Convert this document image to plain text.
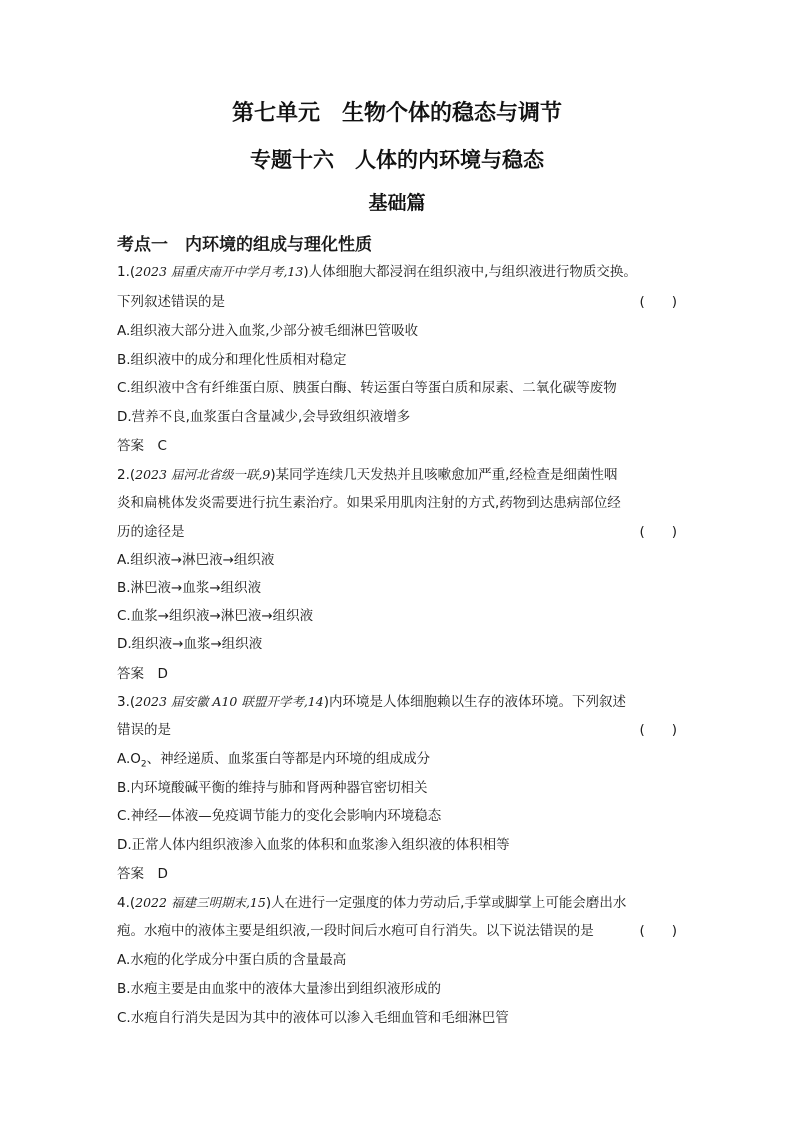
第七单元　生物个体的稳态与调节
专题十六　人体的内环境与稳态
基础篇
考点一　内环境的组成与理化性质
1.(2023 届重庆南开中学月考,13)人体细胞大都浸润在组织液中,与组织液进行物质交换。
下列叙述错误的是	(　　)
A.组织液大部分进入血浆,少部分被毛细淋巴管吸收
B.组织液中的成分和理化性质相对稳定
C.组织液中含有纤维蛋白原、胰蛋白酶、转运蛋白等蛋白质和尿素、二氧化碳等废物
D.营养不良,血浆蛋白含量减少,会导致组织液增多
答案　C
2.(2023 届河北省级一联,9)某同学连续几天发热并且咳嗽愈加严重,经检查是细菌性咽
炎和扁桃体发炎需要进行抗生素治疗。如果采用肌肉注射的方式,药物到达患病部位经
历的途径是	(　　)
A.组织液→淋巴液→组织液
B.淋巴液→血浆→组织液
C.血浆→组织液→淋巴液→组织液
D.组织液→血浆→组织液
答案　D
3.(2023 届安徽 A10 联盟开学考,14)内环境是人体细胞赖以生存的液体环境。下列叙述
错误的是	(　　)
$A.O_2$、神经递质、血浆蛋白等都是内环境的组成成分
B.内环境酸碱平衡的维持与肺和肾两种器官密切相关
C.神经—体液—免疫调节能力的变化会影响内环境稳态
D.正常人体内组织液渗入血浆的体积和血浆渗入组织液的体积相等
答案　D
4.(2022 福建三明期末,15)人在进行一定强度的体力劳动后,手掌或脚掌上可能会磨出水
疱。水疱中的液体主要是组织液,一段时间后水疱可自行消失。以下说法错误的是	(　　)
A.水疱的化学成分中蛋白质的含量最高
B.水疱主要是由血浆中的液体大量渗出到组织液形成的
C.水疱自行消失是因为其中的液体可以渗入毛细血管和毛细淋巴管
